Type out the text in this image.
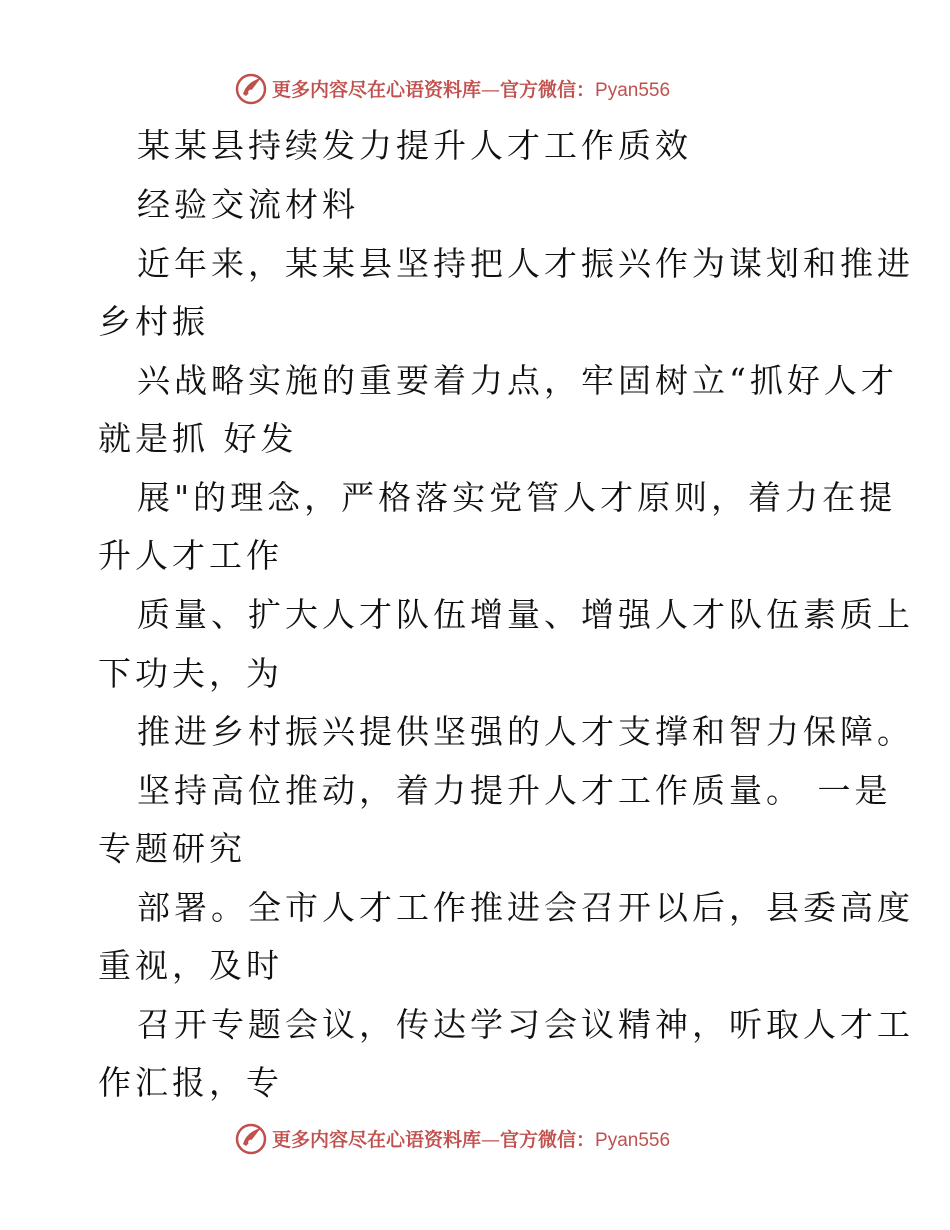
更多内容尽在心语资料库—官方微信：Pyan556
某某县持续发力提升人才工作质效
经验交流材料
近年来，某某县坚持把人才振兴作为谋划和推进
乡村振
兴战略实施的重要着力点，牢固树立“抓好人才
就是抓 好发
展"的理念，严格落实党管人才原则，着力在提
升人才工作
质量、扩大人才队伍增量、增强人才队伍素质上
下功夫，为
推进乡村振兴提供坚强的人才支撑和智力保障。
坚持高位推动，着力提升人才工作质量。 一是
专题研究
部署。全市人才工作推进会召开以后，县委高度
重视，及时
召开专题会议，传达学习会议精神，听取人才工
作汇报，专
更多内容尽在心语资料库—官方微信：Pyan556
